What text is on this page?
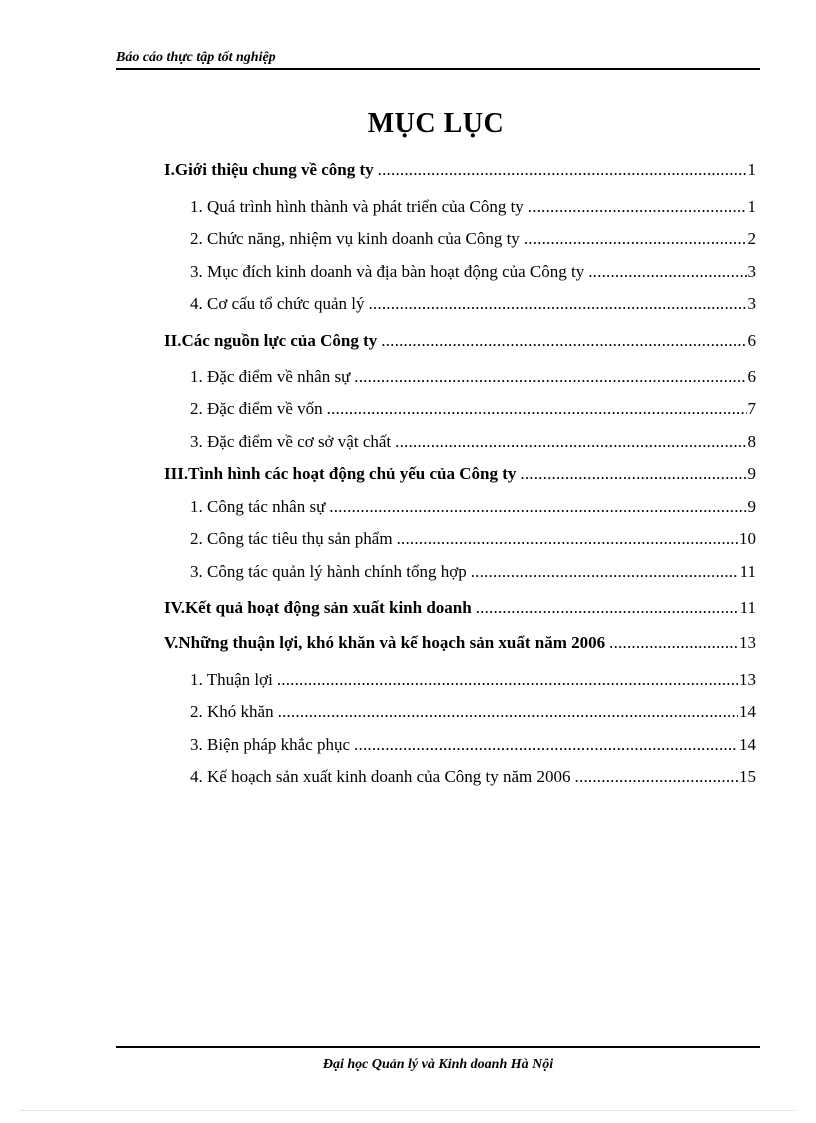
Báo cáo thực tập tốt nghiệp
MỤC LỤC
I.Giới thiệu chung về công ty .....	1
1. Quá trình hình thành và phát triển của Công ty .....	1
2. Chức năng, nhiệm vụ kinh doanh của Công ty .....	2
3. Mục đích kinh doanh và địa bàn hoạt động của Công ty .....	3
4. Cơ cấu tổ chức quản lý .....	3
II.Các nguồn lực của Công ty .....	6
1. Đặc điểm về nhân sự .....	6
2. Đặc điểm về vốn .....	7
3. Đặc điểm về cơ sở vật chất .....	8
III.Tình hình các hoạt động chủ yếu của Công ty .....	9
1. Công tác nhân sự .....	9
2. Công tác tiêu thụ sản phẩm .....	10
3. Công tác quản lý hành chính tổng hợp .....	11
IV.Kết quả hoạt động sản xuất kinh doanh .....	11
V.Những thuận lợi, khó khăn và kế hoạch sản xuất năm 2006 .....	13
1. Thuận lợi .....	13
2. Khó khăn .....	14
3. Biện pháp khắc phục .....	14
4. Kế hoạch sản xuất kinh doanh của Công ty năm 2006 .....	15
Đại học Quản lý và Kinh doanh Hà Nội
